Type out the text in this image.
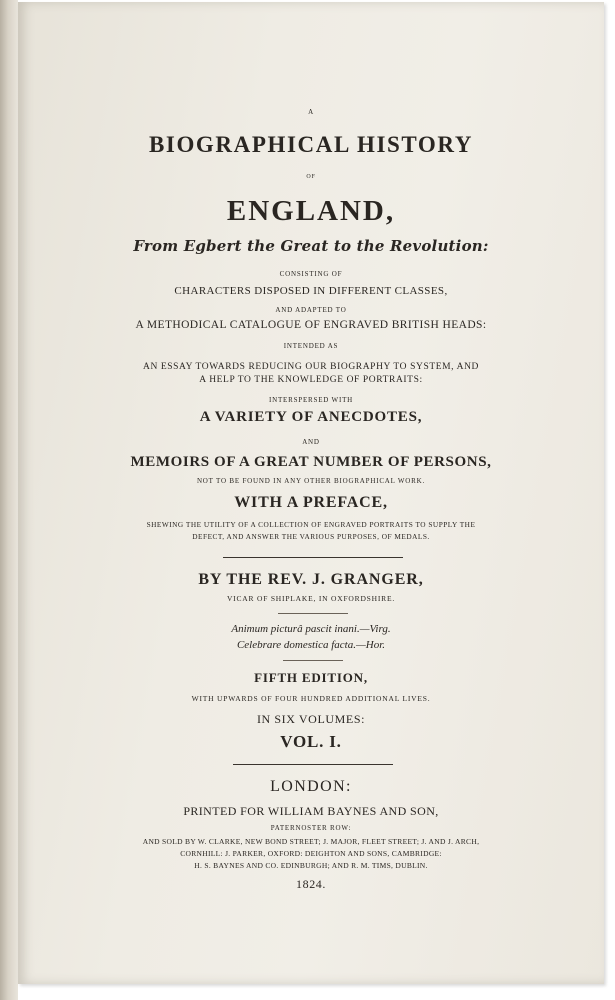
A
BIOGRAPHICAL HISTORY
OF
ENGLAND,
From Egbert the Great to the Revolution:
CONSISTING OF
CHARACTERS DISPOSED IN DIFFERENT CLASSES,
AND ADAPTED TO
A METHODICAL CATALOGUE OF ENGRAVED BRITISH HEADS:
INTENDED AS
AN ESSAY TOWARDS REDUCING OUR BIOGRAPHY TO SYSTEM, AND
A HELP TO THE KNOWLEDGE OF PORTRAITS:
INTERSPERSED WITH
A VARIETY OF ANECDOTES,
AND
MEMOIRS OF A GREAT NUMBER OF PERSONS,
NOT TO BE FOUND IN ANY OTHER BIOGRAPHICAL WORK.
WITH A PREFACE,
SHEWING THE UTILITY OF A COLLECTION OF ENGRAVED PORTRAITS TO SUPPLY THE
DEFECT, AND ANSWER THE VARIOUS PURPOSES, OF MEDALS.
BY THE REV. J. GRANGER,
VICAR OF SHIPLAKE, IN OXFORDSHIRE.
Animum picturâ pascit inani.—Virg.
Celebrare domestica facta.—Hor.
FIFTH EDITION,
WITH UPWARDS OF FOUR HUNDRED ADDITIONAL LIVES.
IN SIX VOLUMES:
VOL. I.
LONDON:
PRINTED FOR WILLIAM BAYNES AND SON,
PATERNOSTER ROW:
AND SOLD BY W. CLARKE, NEW BOND STREET; J. MAJOR, FLEET STREET; J. AND J. ARCH,
CORNHILL: J. PARKER, OXFORD: DEIGHTON AND SONS, CAMBRIDGE:
H. S. BAYNES AND CO. EDINBURGH; AND R. M. TIMS, DUBLIN.
1824.
